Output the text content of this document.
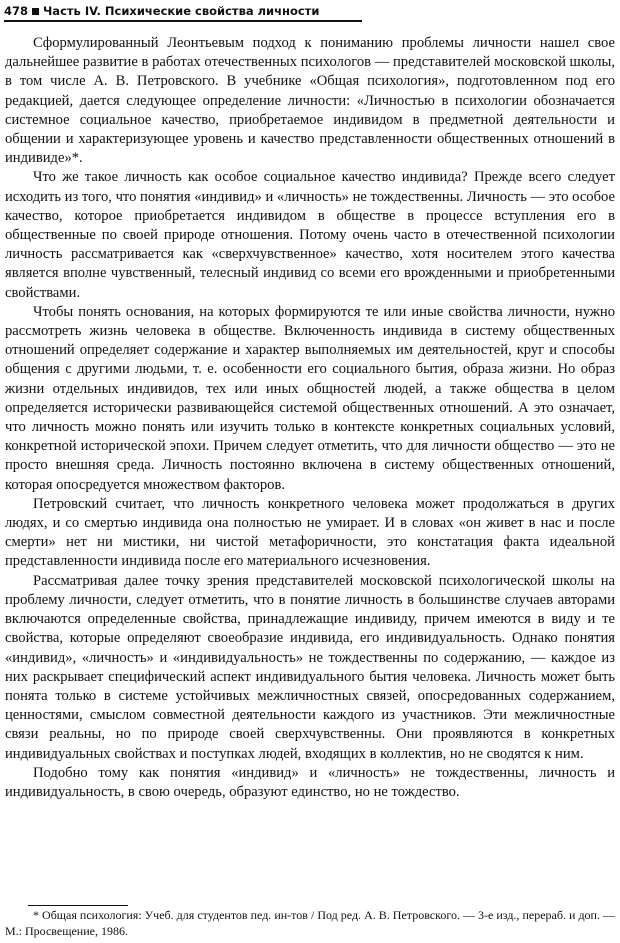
478 Часть IV. Психические свойства личности

Сформулированный Леонтьевым подход к пониманию проблемы личности нашел свое дальнейшее развитие в работах отечественных психологов — представителей московской школы, в том числе А. В. Петровского. В учебнике «Общая психология», подготовленном под его редакцией, дается следующее определение личности: «Личностью в психологии обозначается системное социальное качество, приобретаемое индивидом в предметной деятельности и общении и характеризующее уровень и качество представленности общественных отношений в индивиде»*.

Что же такое личность как особое социальное качество индивида? Прежде всего следует исходить из того, что понятия «индивид» и «личность» не тождественны. Личность — это особое качество, которое приобретается индивидом в обществе в процессе вступления его в общественные по своей природе отношения. Потому очень часто в отечественной психологии личность рассматривается как «сверхчувственное» качество, хотя носителем этого качества является вполне чувственный, телесный индивид со всеми его врожденными и приобретенными свойствами.

Чтобы понять основания, на которых формируются те или иные свойства личности, нужно рассмотреть жизнь человека в обществе. Включенность индивида в систему общественных отношений определяет содержание и характер выполняемых им деятельностей, круг и способы общения с другими людьми, т. е. особенности его социального бытия, образа жизни. Но образ жизни отдельных индивидов, тех или иных общностей людей, а также общества в целом определяется исторически развивающейся системой общественных отношений. А это означает, что личность можно понять или изучить только в контексте конкретных социальных условий, конкретной исторической эпохи. Причем следует отметить, что для личности общество — это не просто внешняя среда. Личность постоянно включена в систему общественных отношений, которая опосредуется множеством факторов.

Петровский считает, что личность конкретного человека может продолжаться в других людях, и со смертью индивида она полностью не умирает. И в словах «он живет в нас и после смерти» нет ни мистики, ни чистой метафоричности, это констатация факта идеальной представленности индивида после его материального исчезновения.

Рассматривая далее точку зрения представителей московской психологической школы на проблему личности, следует отметить, что в понятие личность в большинстве случаев авторами включаются определенные свойства, принадлежащие индивиду, причем имеются в виду и те свойства, которые определяют своеобразие индивида, его индивидуальность. Однако понятия «индивид», «личность» и «индивидуальность» не тождественны по содержанию, — каждое из них раскрывает специфический аспект индивидуального бытия человека. Личность может быть понята только в системе устойчивых межличностных связей, опосредованных содержанием, ценностями, смыслом совместной деятельности каждого из участников. Эти межличностные связи реальны, но по природе своей сверхчувственны. Они проявляются в конкретных индивидуальных свойствах и поступках людей, входящих в коллектив, но не сводятся к ним.

Подобно тому как понятия «индивид» и «личность» не тождественны, личность и индивидуальность, в свою очередь, образуют единство, но не тождество.

* Общая психология: Учеб. для студентов пед. ин-тов / Под ред. А. В. Петровского. — 3-е изд., перераб. и доп. — М.: Просвещение, 1986.
